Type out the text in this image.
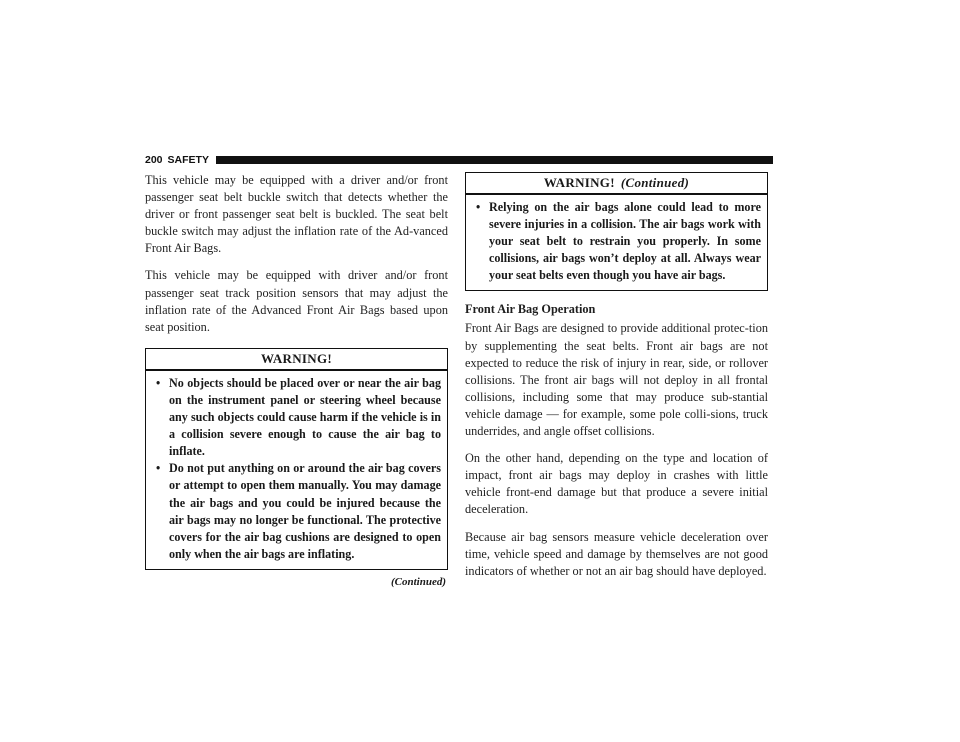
200 SAFETY

This vehicle may be equipped with a driver and/or front passenger seat belt buckle switch that detects whether the driver or front passenger seat belt is buckled. The seat belt buckle switch may adjust the inflation rate of the Ad-vanced Front Air Bags.

This vehicle may be equipped with driver and/or front passenger seat track position sensors that may adjust the inflation rate of the Advanced Front Air Bags based upon seat position.

WARNING!
• No objects should be placed over or near the air bag on the instrument panel or steering wheel because any such objects could cause harm if the vehicle is in a collision severe enough to cause the air bag to inflate.
• Do not put anything on or around the air bag covers or attempt to open them manually. You may damage the air bags and you could be injured because the air bags may no longer be functional. The protective covers for the air bag cushions are designed to open only when the air bags are inflating.
(Continued)
WARNING! (Continued)
• Relying on the air bags alone could lead to more severe injuries in a collision. The air bags work with your seat belt to restrain you properly. In some collisions, air bags won’t deploy at all. Always wear your seat belts even though you have air bags.

Front Air Bag Operation

Front Air Bags are designed to provide additional protec-tion by supplementing the seat belts. Front air bags are not expected to reduce the risk of injury in rear, side, or rollover collisions. The front air bags will not deploy in all frontal collisions, including some that may produce sub-stantial vehicle damage — for example, some pole colli-sions, truck underrides, and angle offset collisions.

On the other hand, depending on the type and location of impact, front air bags may deploy in crashes with little vehicle front-end damage but that produce a severe initial deceleration.

Because air bag sensors measure vehicle deceleration over time, vehicle speed and damage by themselves are not good indicators of whether or not an air bag should have deployed.
